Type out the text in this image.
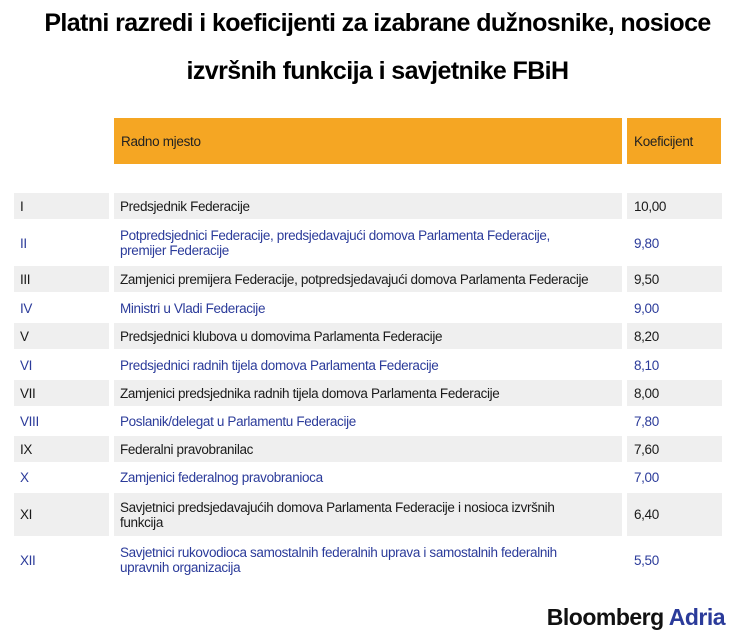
Platni razredi i koeficijenti za izabrane dužnosnike, nosioce
izvršnih funkcija i savjetnike FBiH
Radno mjesto	Koeficijent
I	Predsjednik Federacije	10,00
II	Potpredsjednici Federacije, predsjedavajući domova Parlamenta Federacije, premijer Federacije	9,80
III	Zamjenici premijera Federacije, potpredsjedavajući domova Parlamenta Federacije	9,50
IV	Ministri u Vladi Federacije	9,00
V	Predsjednici klubova u domovima Parlamenta Federacije	8,20
VI	Predsjednici radnih tijela domova Parlamenta Federacije	8,10
VII	Zamjenici predsjednika radnih tijela domova Parlamenta Federacije	8,00
VIII	Poslanik/delegat u Parlamentu Federacije	7,80
IX	Federalni pravobranilac	7,60
X	Zamjenici federalnog pravobranioca	7,00
XI	Savjetnici predsjedavajućih domova Parlamenta Federacije i nosioca izvršnih funkcija	6,40
XII	Savjetnici rukovodioca samostalnih federalnih uprava i samostalnih federalnih upravnih organizacija	5,50
Bloomberg Adria
